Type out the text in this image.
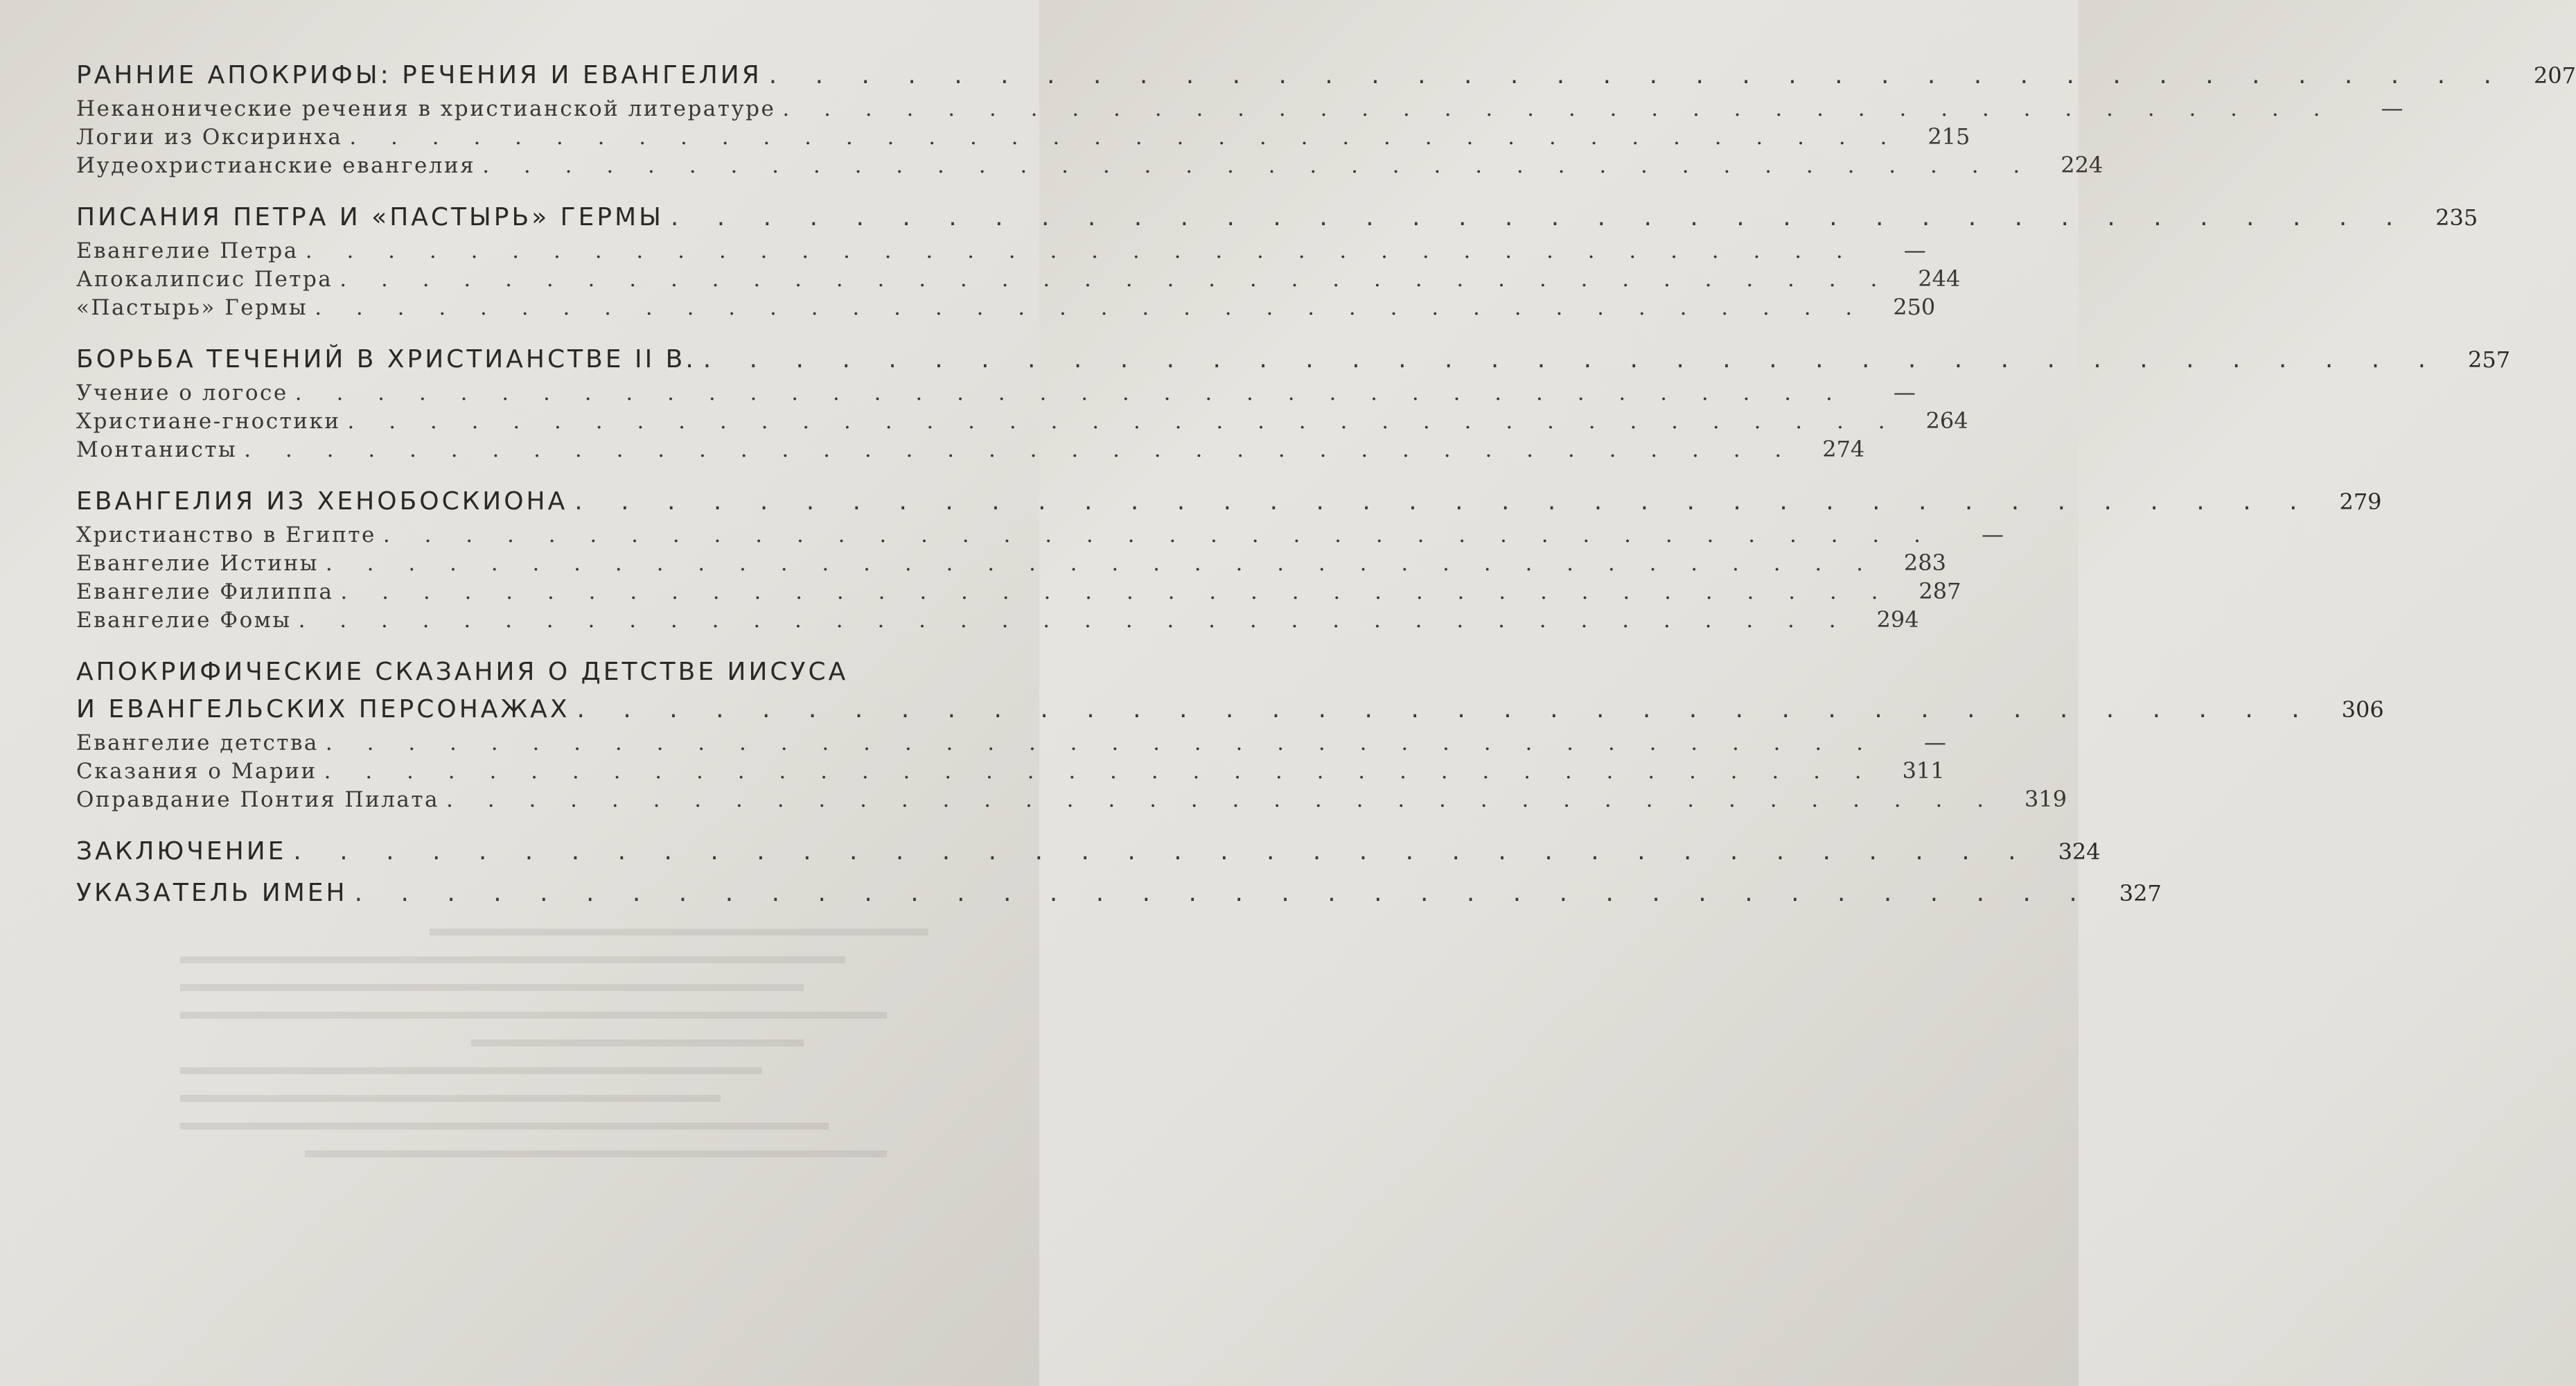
РАННИЕ АПОКРИФЫ: РЕЧЕНИЯ И ЕВАНГЕЛИЯ . . . . . . . . . . . . . . . . . . . . . . . . . . . . . . . . . . . . . .	207
Неканонические речения в христианской литературе . . . . . . . . . . . . . . . . . . . . . . . . . . . . . . . . . . . . . .	—
Логии из Оксиринха . . . . . . . . . . . . . . . . . . . . . . . . . . . . . . . . . . . . . .	215
Иудеохристианские евангелия . . . . . . . . . . . . . . . . . . . . . . . . . . . . . . . . . . . . . .	224
ПИСАНИЯ ПЕТРА И «ПАСТЫРЬ» ГЕРМЫ . . . . . . . . . . . . . . . . . . . . . . . . . . . . . . . . . . . . . .	235
Евангелие Петра . . . . . . . . . . . . . . . . . . . . . . . . . . . . . . . . . . . . . .	—
Апокалипсис Петра . . . . . . . . . . . . . . . . . . . . . . . . . . . . . . . . . . . . . .	244
«Пастырь» Гермы . . . . . . . . . . . . . . . . . . . . . . . . . . . . . . . . . . . . . .	250
БОРЬБА ТЕЧЕНИЙ В ХРИСТИАНСТВЕ II В. . . . . . . . . . . . . . . . . . . . . . . . . . . . . . . . . . . . . . .	257
Учение о логосе . . . . . . . . . . . . . . . . . . . . . . . . . . . . . . . . . . . . . .	—
Христиане-гностики . . . . . . . . . . . . . . . . . . . . . . . . . . . . . . . . . . . . . .	264
Монтанисты . . . . . . . . . . . . . . . . . . . . . . . . . . . . . . . . . . . . . .	274
ЕВАНГЕЛИЯ ИЗ ХЕНОБОСКИОНА . . . . . . . . . . . . . . . . . . . . . . . . . . . . . . . . . . . . . .	279
Христианство в Египте . . . . . . . . . . . . . . . . . . . . . . . . . . . . . . . . . . . . . .	—
Евангелие Истины . . . . . . . . . . . . . . . . . . . . . . . . . . . . . . . . . . . . . .	283
Евангелие Филиппа . . . . . . . . . . . . . . . . . . . . . . . . . . . . . . . . . . . . . .	287
Евангелие Фомы . . . . . . . . . . . . . . . . . . . . . . . . . . . . . . . . . . . . . .	294
АПОКРИФИЧЕСКИЕ СКАЗАНИЯ О ДЕТСТВЕ ИИСУСА
И ЕВАНГЕЛЬСКИХ ПЕРСОНАЖАХ . . . . . . . . . . . . . . . . . . . . . . . . . . . . . . . . . . . . . .	306
Евангелие детства . . . . . . . . . . . . . . . . . . . . . . . . . . . . . . . . . . . . . .	—
Сказания о Марии . . . . . . . . . . . . . . . . . . . . . . . . . . . . . . . . . . . . . .	311
Оправдание Понтия Пилата . . . . . . . . . . . . . . . . . . . . . . . . . . . . . . . . . . . . . .	319
ЗАКЛЮЧЕНИЕ . . . . . . . . . . . . . . . . . . . . . . . . . . . . . . . . . . . . . .	324
УКАЗАТЕЛЬ ИМЕН . . . . . . . . . . . . . . . . . . . . . . . . . . . . . . . . . . . . . .	327
